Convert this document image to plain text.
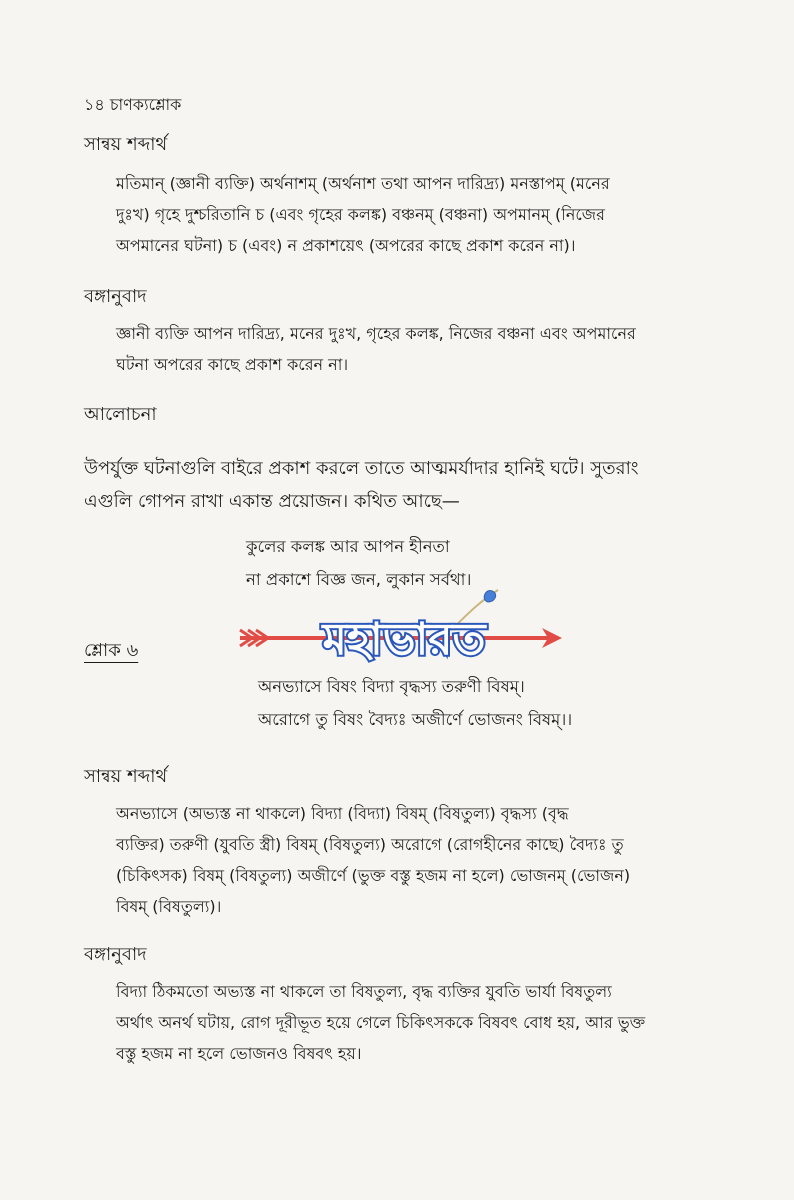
১৪ চাণক্যশ্লোক
সান্বয় শব্দার্থ
মতিমান্ (জ্ঞানী ব্যক্তি) অর্থনাশম্ (অর্থনাশ তথা আপন দারিদ্র্য) মনস্তাপম্ (মনের
দুঃখ) গৃহে দুশ্চরিতানি চ (এবং গৃহের কলঙ্ক) বঞ্চনম্ (বঞ্চনা) অপমানম্ (নিজের
অপমানের ঘটনা) চ (এবং) ন প্রকাশয়েৎ (অপরের কাছে প্রকাশ করেন না)।
বঙ্গানুবাদ
জ্ঞানী ব্যক্তি আপন দারিদ্র্য, মনের দুঃখ, গৃহের কলঙ্ক, নিজের বঞ্চনা এবং অপমানের
ঘটনা অপরের কাছে প্রকাশ করেন না।
আলোচনা
উপর্যুক্ত ঘটনাগুলি বাইরে প্রকাশ করলে তাতে আত্মমর্যাদার হানিই ঘটে। সুতরাং
এগুলি গোপন রাখা একান্ত প্রয়োজন। কথিত আছে—
কুলের কলঙ্ক আর আপন হীনতা
না প্রকাশে বিজ্ঞ জন, লুকান সর্বথা।
শ্লোক ৬
অনভ্যাসে বিষং বিদ্যা বৃদ্ধস্য তরুণী বিষম্।
অরোগে তু বিষং বৈদ্যঃ অজীর্ণে ভোজনং বিষম্।।
সান্বয় শব্দার্থ
অনভ্যাসে (অভ্যস্ত না থাকলে) বিদ্যা (বিদ্যা) বিষম্ (বিষতুল্য) বৃদ্ধস্য (বৃদ্ধ
ব্যক্তির) তরুণী (যুবতি স্ত্রী) বিষম্ (বিষতুল্য) অরোগে (রোগহীনের কাছে) বৈদ্যঃ তু
(চিকিৎসক) বিষম্ (বিষতুল্য) অজীর্ণে (ভুক্ত বস্তু হজম না হলে) ভোজনম্ (ভোজন)
বিষম্ (বিষতুল্য)।
বঙ্গানুবাদ
বিদ্যা ঠিকমতো অভ্যস্ত না থাকলে তা বিষতুল্য, বৃদ্ধ ব্যক্তির যুবতি ভার্যা বিষতুল্য
অর্থাৎ অনর্থ ঘটায়, রোগ দূরীভূত হয়ে গেলে চিকিৎসককে বিষবৎ বোধ হয়, আর ভুক্ত
বস্তু হজম না হলে ভোজনও বিষবৎ হয়।
মহাভারত
